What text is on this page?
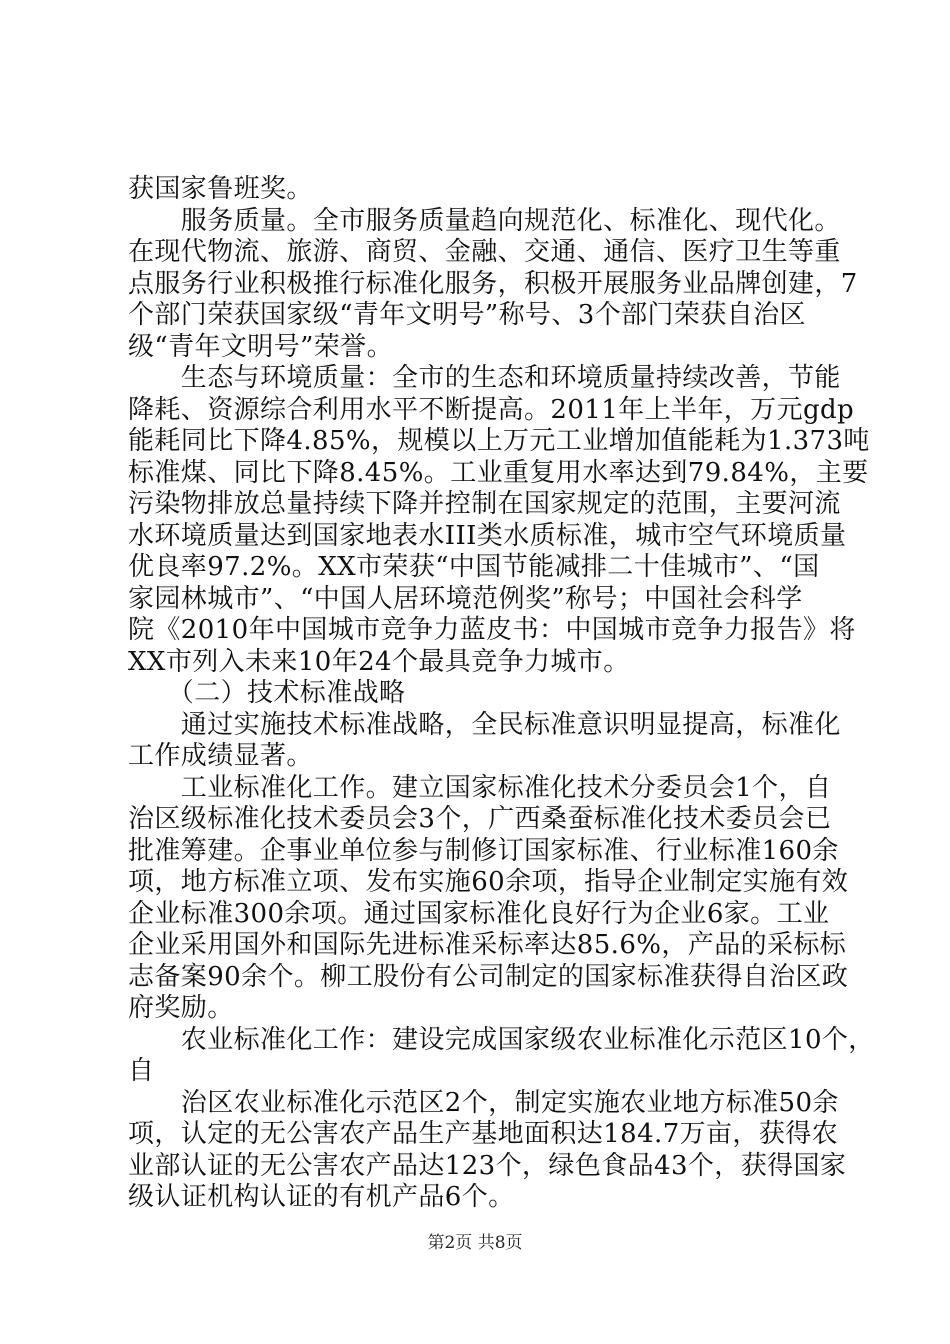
获国家鲁班奖。
　　服务质量。全市服务质量趋向规范化、标准化、现代化。
在现代物流、旅游、商贸、金融、交通、通信、医疗卫生等重
点服务行业积极推行标准化服务，积极开展服务业品牌创建，7
个部门荣获国家级“青年文明号”称号、3个部门荣获自治区
级“青年文明号”荣誉。
　　生态与环境质量：全市的生态和环境质量持续改善，节能
降耗、资源综合利用水平不断提高。2011年上半年，万元gdp
能耗同比下降4.85%，规模以上万元工业增加值能耗为1.373吨
标准煤、同比下降8.45%。工业重复用水率达到79.84%，主要
污染物排放总量持续下降并控制在国家规定的范围，主要河流
水环境质量达到国家地表水III类水质标准，城市空气环境质量
优良率97.2%。XX市荣获“中国节能减排二十佳城市”、“国
家园林城市”、“中国人居环境范例奖”称号；中国社会科学
院《2010年中国城市竞争力蓝皮书：中国城市竞争力报告》将
XX市列入未来10年24个最具竞争力城市。
　　（二）技术标准战略
　　通过实施技术标准战略，全民标准意识明显提高，标准化
工作成绩显著。
　　工业标准化工作。建立国家标准化技术分委员会1个，自
治区级标准化技术委员会3个，广西桑蚕标准化技术委员会已
批准筹建。企事业单位参与制修订国家标准、行业标准160余
项，地方标准立项、发布实施60余项，指导企业制定实施有效
企业标准300余项。通过国家标准化良好行为企业6家。工业
企业采用国外和国际先进标准采标率达85.6%，产品的采标标
志备案90余个。柳工股份有公司制定的国家标准获得自治区政
府奖励。
　　农业标准化工作：建设完成国家级农业标准化示范区10个，
自
　　治区农业标准化示范区2个，制定实施农业地方标准50余
项，认定的无公害农产品生产基地面积达184.7万亩，获得农
业部认证的无公害农产品达123个，绿色食品43个，获得国家
级认证机构认证的有机产品6个。
第2页 共8页
